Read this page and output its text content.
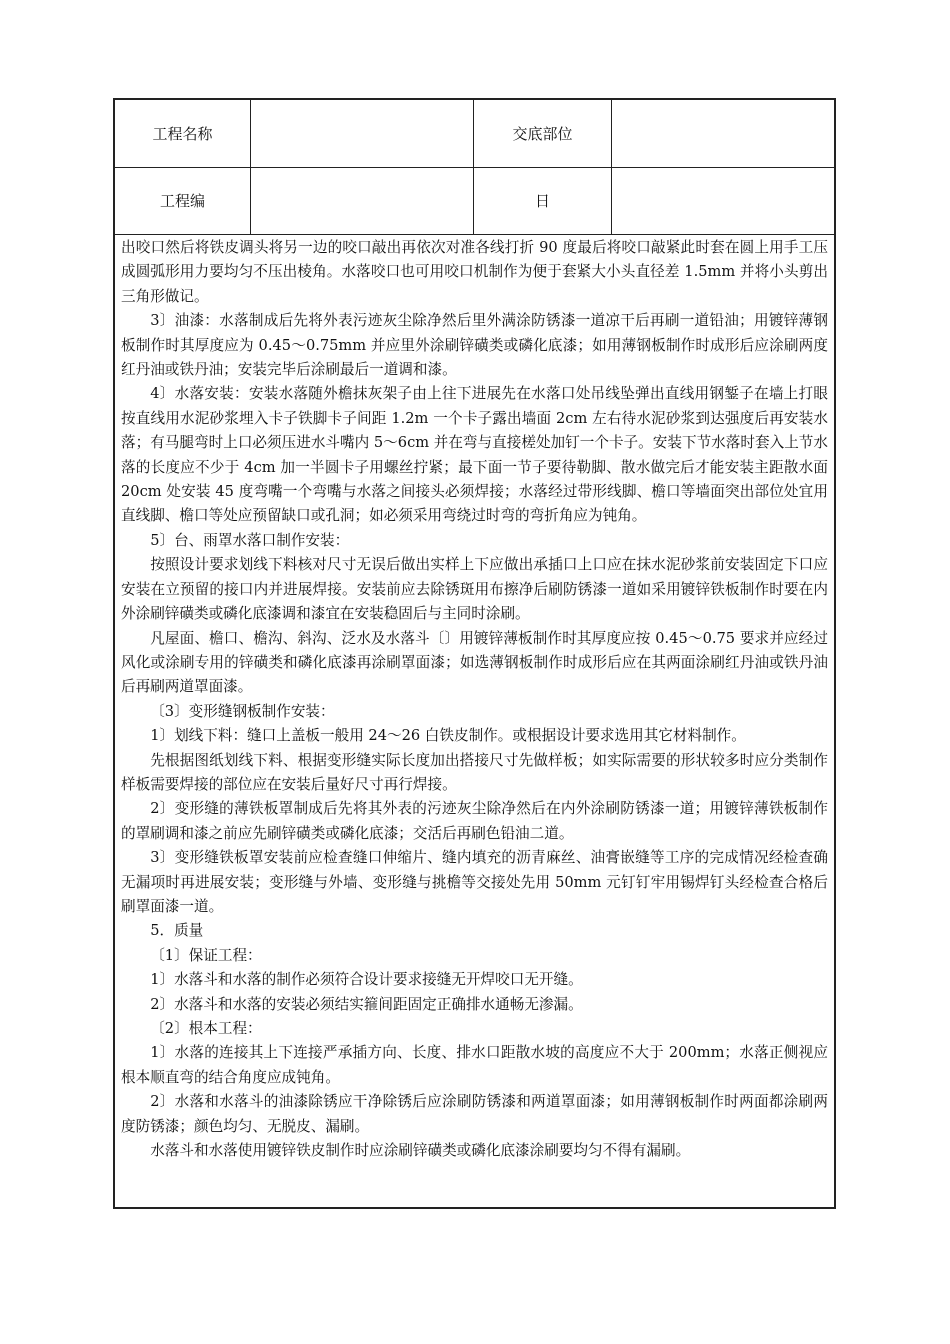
工程名称	交底部位
工程编	日

出咬口然后将铁皮调头将另一边的咬口敲出再依次对准各线打折 90 度最后将咬口敲紧此时套在圆上用手工压成圆弧形用力要均匀不压出棱角。水落咬口也可用咬口机制作为便于套紧大小头直径差 1.5mm 并将小头剪出三角形做记。

3〕油漆：水落制成后先将外表污迹灰尘除净然后里外满涂防锈漆一道凉干后再刷一道铅油；用镀锌薄钢板制作时其厚度应为 0.45～0.75mm 并应里外涂刷锌磺类或磷化底漆；如用薄钢板制作时成形后应涂刷两度红丹油或铁丹油；安装完毕后涂刷最后一道调和漆。

4〕水落安装：安装水落随外檐抹灰架子由上往下进展先在水落口处吊线坠弹出直线用钢錾子在墙上打眼按直线用水泥砂浆埋入卡子铁脚卡子间距 1.2m 一个卡子露出墙面 2cm 左右待水泥砂浆到达强度后再安装水落；有马腿弯时上口必须压进水斗嘴内 5～6cm 并在弯与直接槎处加钉一个卡子。安装下节水落时套入上节水落的长度应不少于 4cm 加一半圆卡子用螺丝拧紧；最下面一节子要待勒脚、散水做完后才能安装主距散水面 20cm 处安装 45 度弯嘴一个弯嘴与水落之间接头必须焊接；水落经过带形线脚、檐口等墙面突出部位处宜用直线脚、檐口等处应预留缺口或孔洞；如必须采用弯绕过时弯的弯折角应为钝角。

5〕台、雨罩水落口制作安装：

按照设计要求划线下料核对尺寸无误后做出实样上下应做出承插口上口应在抹水泥砂浆前安装固定下口应安装在立预留的接口内并进展焊接。安装前应去除锈斑用布擦净后刷防锈漆一道如采用镀锌铁板制作时要在内外涂刷锌磺类或磷化底漆调和漆宜在安装稳固后与主同时涂刷。

凡屋面、檐口、檐沟、斜沟、泛水及水落斗〔〕用镀锌薄板制作时其厚度应按 0.45～0.75 要求并应经过风化或涂刷专用的锌磺类和磷化底漆再涂刷罩面漆；如选薄钢板制作时成形后应在其两面涂刷红丹油或铁丹油后再刷两道罩面漆。

〔3〕变形缝钢板制作安装：

1〕划线下料：缝口上盖板一般用 24～26 白铁皮制作。或根据设计要求选用其它材料制作。

先根据图纸划线下料、根据变形缝实际长度加出搭接尺寸先做样板；如实际需要的形状较多时应分类制作样板需要焊接的部位应在安装后量好尺寸再行焊接。

2〕变形缝的薄铁板罩制成后先将其外表的污迹灰尘除净然后在内外涂刷防锈漆一道；用镀锌薄铁板制作的罩刷调和漆之前应先刷锌磺类或磷化底漆；交活后再刷色铅油二道。

3〕变形缝铁板罩安装前应检查缝口伸缩片、缝内填充的沥青麻丝、油膏嵌缝等工序的完成情况经检查确无漏项时再进展安装；变形缝与外墙、变形缝与挑檐等交接处先用 50mm 元钉钉牢用锡焊钉头经检查合格后刷罩面漆一道。

5．质量

〔1〕保证工程：

1〕水落斗和水落的制作必须符合设计要求接缝无开焊咬口无开缝。

2〕水落斗和水落的安装必须结实箍间距固定正确排水通畅无渗漏。

〔2〕根本工程：

1〕水落的连接其上下连接严承插方向、长度、排水口距散水坡的高度应不大于 200mm；水落正侧视应根本顺直弯的结合角度应成钝角。

2〕水落和水落斗的油漆除锈应干净除锈后应涂刷防锈漆和两道罩面漆；如用薄钢板制作时两面都涂刷两度防锈漆；颜色均匀、无脱皮、漏刷。

水落斗和水落使用镀锌铁皮制作时应涂刷锌磺类或磷化底漆涂刷要均匀不得有漏刷。
